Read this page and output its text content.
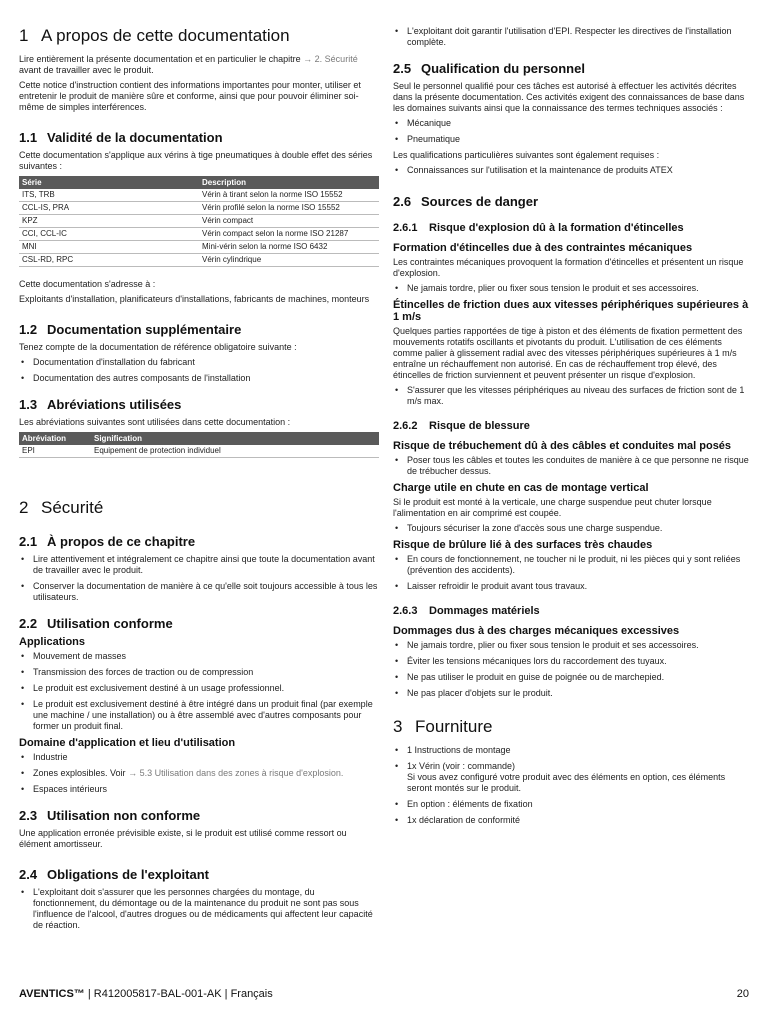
1 A propos de cette documentation

Lire entièrement la présente documentation et en particulier le chapitre → 2. Sécurité avant de travailler avec le produit.

Cette notice d'instruction contient des informations importantes pour monter, utiliser et entretenir le produit de manière sûre et conforme, ainsi que pour pouvoir éliminer soi-même de simples interférences.

1.1 Validité de la documentation

Cette documentation s'applique aux vérins à tige pneumatiques à double effet des séries suivantes :

Série	Description
ITS, TRB	Vérin à tirant selon la norme ISO 15552
CCL-IS, PRA	Vérin profilé selon la norme ISO 15552
KPZ	Vérin compact
CCI, CCL-IC	Vérin compact selon la norme ISO 21287
MNI	Mini-vérin selon la norme ISO 6432
CSL-RD, RPC	Vérin cylindrique

Cette documentation s'adresse à :

Exploitants d'installation, planificateurs d'installations, fabricants de machines, monteurs

1.2 Documentation supplémentaire

Tenez compte de la documentation de référence obligatoire suivante :

• Documentation d'installation du fabricant
• Documentation des autres composants de l'installation
1.3 Abréviations utilisées

Les abréviations suivantes sont utilisées dans cette documentation :

Abréviation	Signification
EPI	Equipement de protection individuel
2 Sécurité
2.1 À propos de ce chapitre
• Lire attentivement et intégralement ce chapitre ainsi que toute la documentation avant de travailler avec le produit.
• Conserver la documentation de manière à ce qu'elle soit toujours accessible à tous les utilisateurs.
2.2 Utilisation conforme
Applications
• Mouvement de masses
• Transmission des forces de traction ou de compression
• Le produit est exclusivement destiné à un usage professionnel.
• Le produit est exclusivement destiné à être intégré dans un produit final (par exemple une machine / une installation) ou à être assemblé avec d'autres composants pour former un produit final.
Domaine d'application et lieu d'utilisation
• Industrie
• Zones explosibles. Voir → 5.3 Utilisation dans des zones à risque d'explosion.
• Espaces intérieurs
2.3 Utilisation non conforme

Une application erronée prévisible existe, si le produit est utilisé comme ressort ou élément amortisseur.

2.4 Obligations de l'exploitant
• L'exploitant doit s'assurer que les personnes chargées du montage, du fonctionnement, du démontage ou de la maintenance du produit ne sont pas sous l'influence de l'alcool, d'autres drogues ou de médicaments qui affectent leur capacité de réaction.
• L'exploitant doit garantir l'utilisation d'EPI. Respecter les directives de l'installation complète.
2.5 Qualification du personnel

Seul le personnel qualifié pour ces tâches est autorisé à effectuer les activités décrites dans la présente documentation. Ces activités exigent des connaissances de base dans les domaines suivants ainsi que la connaissance des termes techniques associés :

• Mécanique
• Pneumatique

Les qualifications particulières suivantes sont également requises :

• Connaissances sur l'utilisation et la maintenance de produits ATEX
2.6 Sources de danger
2.6.1 Risque d'explosion dû à la formation d'étincelles
Formation d'étincelles due à des contraintes mécaniques

Les contraintes mécaniques provoquent la formation d'étincelles et présentent un risque d'explosion.

• Ne jamais tordre, plier ou fixer sous tension le produit et ses accessoires.
Étincelles de friction dues aux vitesses périphériques supérieures à 1 m/s

Quelques parties rapportées de tige à piston et des éléments de fixation permettent des mouvements rotatifs oscillants et pivotants du produit. L'utilisation de ces éléments comme palier à glissement radial avec des vitesses périphériques supérieures à 1 m/s entraîne un réchauffement non autorisé. En cas de réchauffement trop élevé, des étincelles de friction surviennent et peuvent présenter un risque d'explosion.

• S'assurer que les vitesses périphériques au niveau des surfaces de friction sont de 1 m/s max.
2.6.2 Risque de blessure
Risque de trébuchement dû à des câbles et conduites mal posés
• Poser tous les câbles et toutes les conduites de manière à ce que personne ne risque de trébucher dessus.
Charge utile en chute en cas de montage vertical

Si le produit est monté à la verticale, une charge suspendue peut chuter lorsque l'alimentation en air comprimé est coupée.

• Toujours sécuriser la zone d'accès sous une charge suspendue.
Risque de brûlure lié à des surfaces très chaudes
• En cours de fonctionnement, ne toucher ni le produit, ni les pièces qui y sont reliées (prévention des accidents).
• Laisser refroidir le produit avant tous travaux.
2.6.3 Dommages matériels
Dommages dus à des charges mécaniques excessives
• Ne jamais tordre, plier ou fixer sous tension le produit et ses accessoires.
• Éviter les tensions mécaniques lors du raccordement des tuyaux.
• Ne pas utiliser le produit en guise de poignée ou de marchepied.
• Ne pas placer d'objets sur le produit.
3 Fourniture
• 1 Instructions de montage
• 1x Vérin (voir : commande)
Si vous avez configuré votre produit avec des éléments en option, ces éléments seront montés sur le produit.
• En option : éléments de fixation
• 1x déclaration de conformité
AVENTICS™ | R412005817-BAL-001-AK | Français	20
